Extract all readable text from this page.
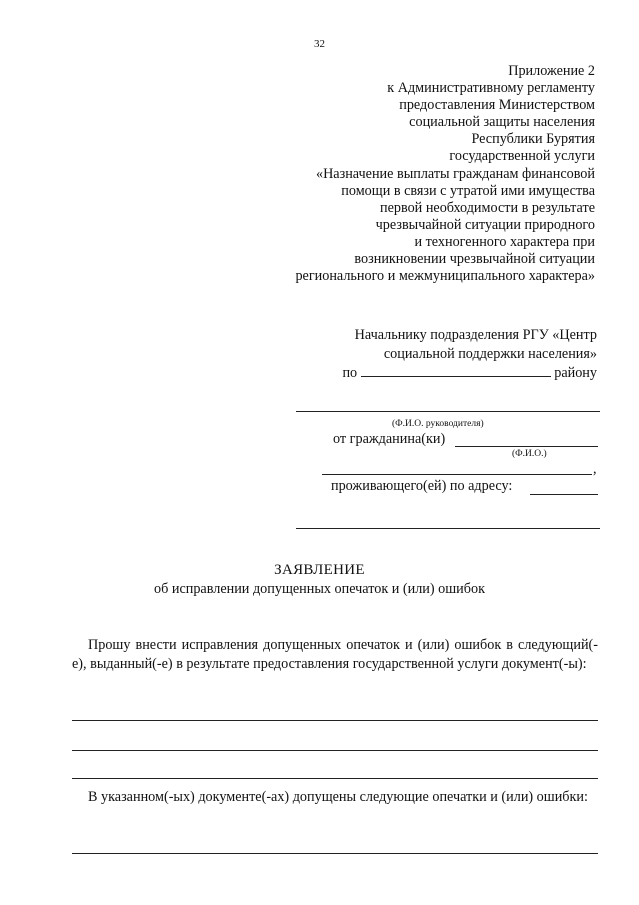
32
Приложение 2
к Административному регламенту
предоставления Министерством
социальной защиты населения
Республики Бурятия
государственной услуги
«Назначение выплаты гражданам финансовой
помощи в связи с утратой ими имущества
первой необходимости в результате
чрезвычайной ситуации природного
и техногенного характера при
возникновении чрезвычайной ситуации
регионального и межмуниципального характера»
Начальнику подразделения РГУ «Центр
социальной поддержки населения»
по	району
(Ф.И.О. руководителя)
от гражданина(ки)
(Ф.И.О.)
,
проживающего(ей) по адресу:
ЗАЯВЛЕНИЕ
об исправлении допущенных опечаток и (или) ошибок
Прошу внести исправления допущенных опечаток и (или) ошибок в следующий(-е), выданный(-е) в результате предоставления государственной услуги документ(-ы):
В указанном(-ых) документе(-ах) допущены следующие опечатки и (или) ошибки:
